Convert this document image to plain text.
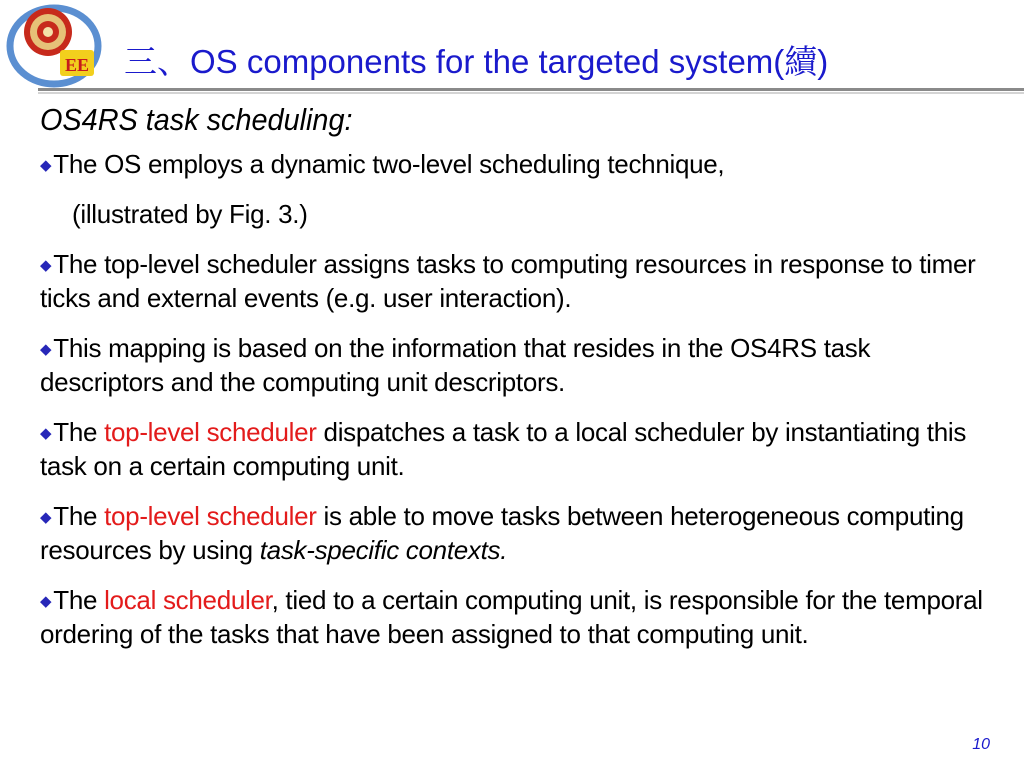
EE 三、OS components for the targeted system(續)
OS4RS task scheduling:
◆The OS employs a dynamic two-level scheduling technique,
(illustrated by Fig. 3.)
◆The top-level scheduler assigns tasks to computing resources in response to timer ticks and external events (e.g. user interaction).
◆This mapping is based on the information that resides in the OS4RS task descriptors and the computing unit descriptors.
◆The top-level scheduler dispatches a task to a local scheduler by instantiating this task on a certain computing unit.
◆The top-level scheduler is able to move tasks between heterogeneous computing resources by using task-specific contexts.
◆The local scheduler, tied to a certain computing unit, is responsible for the temporal ordering of the tasks that have been assigned to that computing unit.
10
